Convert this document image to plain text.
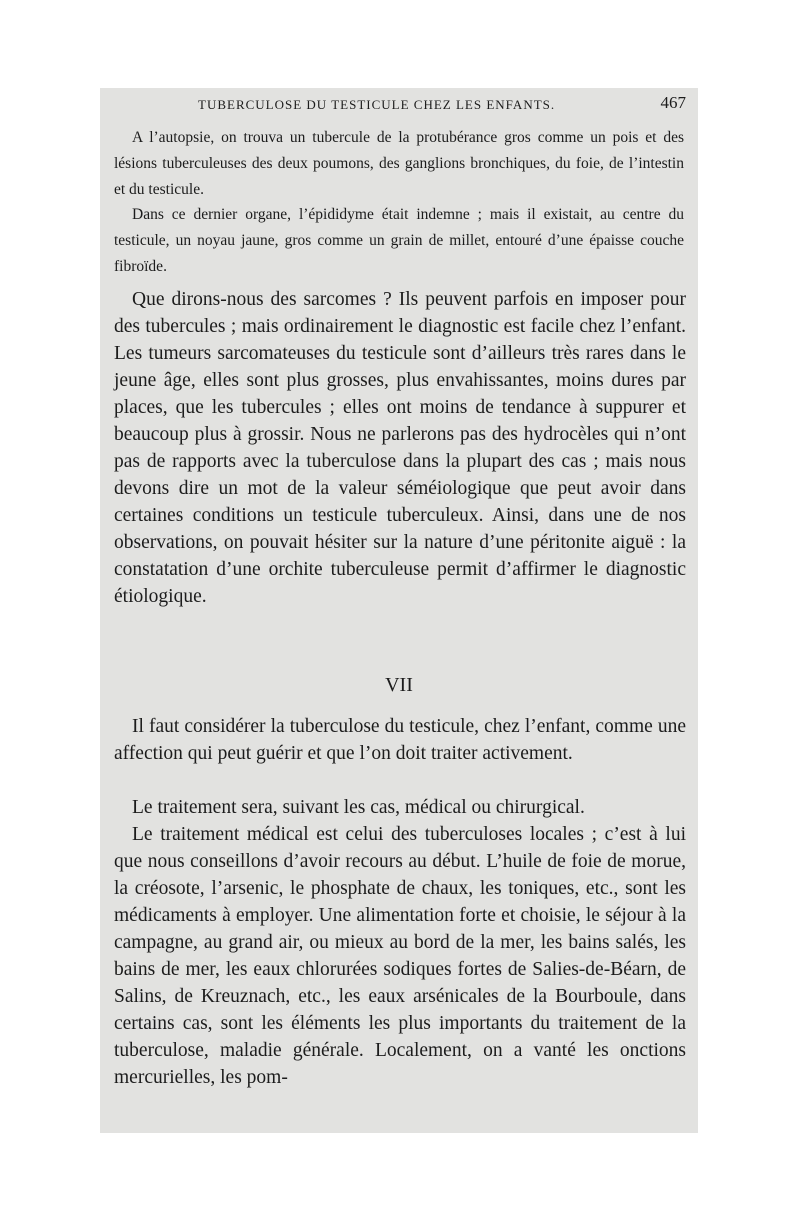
TUBERCULOSE DU TESTICULE CHEZ LES ENFANTS.	467

A l’autopsie, on trouva un tubercule de la protubérance gros comme un pois et des lésions tuberculeuses des deux poumons, des ganglions bronchiques, du foie, de l’intestin et du testicule.

Dans ce dernier organe, l’épididyme était indemne ; mais il existait, au centre du testicule, un noyau jaune, gros comme un grain de millet, entouré d’une épaisse couche fibroïde.

Que dirons-nous des sarcomes ? Ils peuvent parfois en imposer pour des tubercules ; mais ordinairement le diagnostic est facile chez l’enfant. Les tumeurs sarcomateuses du testicule sont d’ailleurs très rares dans le jeune âge, elles sont plus grosses, plus envahissantes, moins dures par places, que les tubercules ; elles ont moins de tendance à suppurer et beaucoup plus à grossir. Nous ne parlerons pas des hydrocèles qui n’ont pas de rapports avec la tuberculose dans la plupart des cas ; mais nous devons dire un mot de la valeur séméiologique que peut avoir dans certaines conditions un testicule tuberculeux. Ainsi, dans une de nos observations, on pouvait hésiter sur la nature d’une péritonite aiguë : la constatation d’une orchite tuberculeuse permit d’affirmer le diagnostic étiologique.

VII

Il faut considérer la tuberculose du testicule, chez l’enfant, comme une affection qui peut guérir et que l’on doit traiter activement.

Le traitement sera, suivant les cas, médical ou chirurgical.

Le traitement médical est celui des tuberculoses locales ; c’est à lui que nous conseillons d’avoir recours au début. L’huile de foie de morue, la créosote, l’arsenic, le phosphate de chaux, les toniques, etc., sont les médicaments à employer. Une alimentation forte et choisie, le séjour à la campagne, au grand air, ou mieux au bord de la mer, les bains salés, les bains de mer, les eaux chlorurées sodiques fortes de Salies-de-Béarn, de Salins, de Kreuznach, etc., les eaux arsénicales de la Bourboule, dans certains cas, sont les éléments les plus importants du traitement de la tuberculose, maladie générale. Localement, on a vanté les onctions mercurielles, les pom-
